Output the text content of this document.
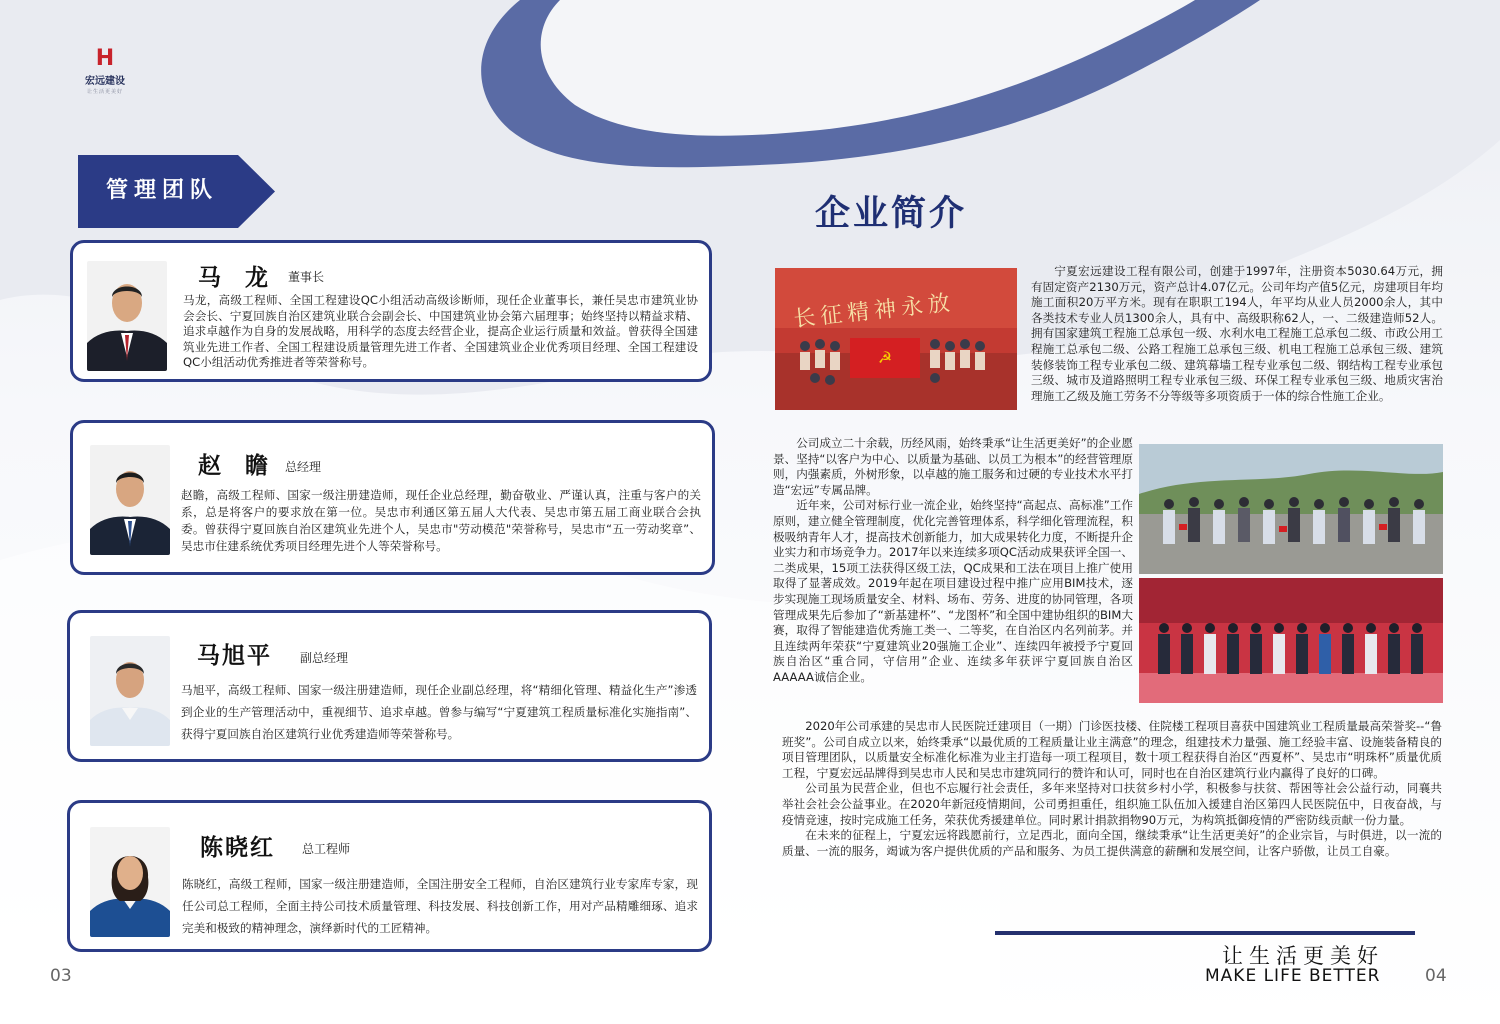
H
宏远建设
让生活更美好
管理团队
马 龙 董事长
马龙，高级工程师、全国工程建设QC小组活动高级诊断师，现任企业董事长，兼任吴忠市建筑业协会会长、宁夏回族自治区建筑业联合会副会长、中国建筑业协会第六届理事；始终坚持以精益求精、追求卓越作为自身的发展战略，用科学的态度去经营企业，提高企业运行质量和效益。曾获得全国建筑业先进工作者、全国工程建设质量管理先进工作者、全国建筑业企业优秀项目经理、全国工程建设QC小组活动优秀推进者等荣誉称号。
赵 瞻 总经理
赵瞻，高级工程师、国家一级注册建造师，现任企业总经理，勤奋敬业、严谨认真，注重与客户的关系，总是将客户的要求放在第一位。吴忠市利通区第五届人大代表、吴忠市第五届工商业联合会执委。曾获得宁夏回族自治区建筑业先进个人，吴忠市"劳动模范"荣誉称号，吴忠市“五一劳动奖章”、吴忠市住建系统优秀项目经理先进个人等荣誉称号。
马旭平 副总经理
马旭平，高级工程师、国家一级注册建造师，现任企业副总经理，将“精细化管理、精益化生产”渗透到企业的生产管理活动中，重视细节、追求卓越。曾参与编写“宁夏建筑工程质量标准化实施指南”、获得宁夏回族自治区建筑行业优秀建造师等荣誉称号。
陈晓红 总工程师
陈晓红，高级工程师，国家一级注册建造师，全国注册安全工程师，自治区建筑行业专家库专家，现任公司总工程师，全面主持公司技术质量管理、科技发展、科技创新工作，用对产品精雕细琢、追求完美和极致的精神理念，演绎新时代的工匠精神。
03
企业简介
☭
长征精神永放

宁夏宏远建设工程有限公司，创建于1997年，注册资本5030.64万元，拥有固定资产2130万元，资产总计4.07亿元。公司年均产值5亿元，房建项目年均施工面积20万平方米。现有在职职工194人，年平均从业人员2000余人，其中各类技术专业人员1300余人，具有中、高级职称62人，一、二级建造师52人。拥有国家建筑工程施工总承包一级、水利水电工程施工总承包二级、市政公用工程施工总承包二级、公路工程施工总承包三级、机电工程施工总承包三级、建筑装修装饰工程专业承包二级、建筑幕墙工程专业承包二级、钢结构工程专业承包三级、城市及道路照明工程专业承包三级、环保工程专业承包三级、地质灾害治理施工乙级及施工劳务不分等级等多项资质于一体的综合性施工企业。

公司成立二十余载，历经风雨，始终秉承“让生活更美好”的企业愿景、坚持“以客户为中心、以质量为基础、以员工为根本”的经营管理原则，内强素质，外树形象，以卓越的施工服务和过硬的专业技术水平打造“宏远”专属品牌。

近年来，公司对标行业一流企业，始终坚持“高起点、高标准”工作原则，建立健全管理制度，优化完善管理体系，科学细化管理流程，积极吸纳青年人才，提高技术创新能力，加大成果转化力度，不断提升企业实力和市场竞争力。2017年以来连续多项QC活动成果获评全国一、二类成果，15项工法获得区级工法，QC成果和工法在项目上推广使用取得了显著成效。2019年起在项目建设过程中推广应用BIM技术，逐步实现施工现场质量安全、材料、场布、劳务、进度的协同管理，各项管理成果先后参加了“新基建杯”、“龙图杯”和全国中建协组织的BIM大赛，取得了智能建造优秀施工类一、二等奖，在自治区内名列前茅。并且连续两年荣获“宁夏建筑业20强施工企业”、连续四年被授予宁夏回族自治区“重合同，守信用”企业、连续多年获评宁夏回族自治区AAAAA诚信企业。

2020年公司承建的吴忠市人民医院迁建项目（一期）门诊医技楼、住院楼工程项目喜获中国建筑业工程质量最高荣誉奖--“鲁班奖”。公司自成立以来，始终秉承“以最优质的工程质量让业主满意”的理念，组建技术力量强、施工经验丰富、设施装备精良的项目管理团队，以质量安全标准化标准为业主打造每一项工程项目，数十项工程获得自治区“西夏杯”、吴忠市“明珠杯”质量优质工程，宁夏宏远品牌得到吴忠市人民和吴忠市建筑同行的赞许和认可，同时也在自治区建筑行业内赢得了良好的口碑。

公司虽为民营企业，但也不忘履行社会责任，多年来坚持对口扶贫乡村小学，积极参与扶贫、帮困等社会公益行动，同襄共举社会社会公益事业。在2020年新冠疫情期间，公司勇担重任，组织施工队伍加入援建自治区第四人民医院伍中，日夜奋战，与疫情竞速，按时完成施工任务，荣获优秀援建单位。同时累计捐款捐物90万元，为构筑抵御疫情的严密防线贡献一份力量。

在未来的征程上，宁夏宏远将践愿前行，立足西北，面向全国，继续秉承“让生活更美好”的企业宗旨，与时俱进，以一流的质量、一流的服务，竭诚为客户提供优质的产品和服务、为员工提供满意的薪酬和发展空间，让客户骄傲，让员工自豪。

让生活更美好
MAKE LIFE BETTER	04
